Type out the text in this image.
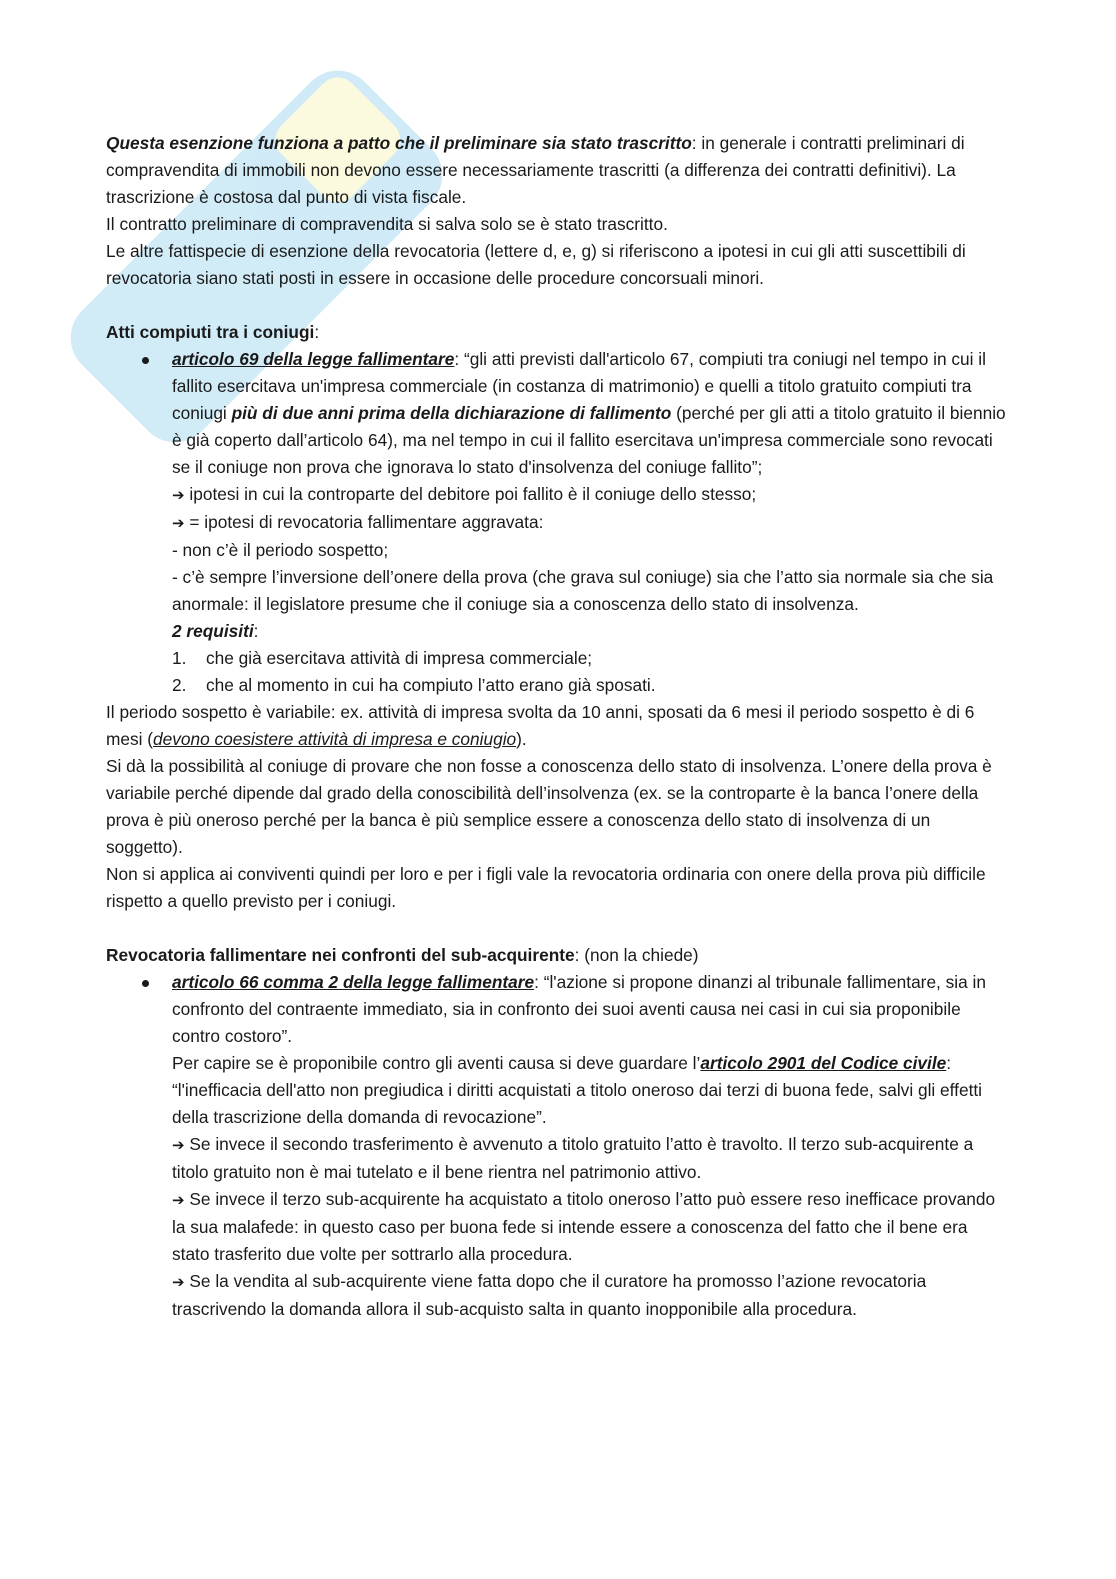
Questa esenzione funziona a patto che il preliminare sia stato trascritto: in generale i contratti preliminari di compravendita di immobili non devono essere necessariamente trascritti (a differenza dei contratti definitivi). La trascrizione è costosa dal punto di vista fiscale.

Il contratto preliminare di compravendita si salva solo se è stato trascritto.

Le altre fattispecie di esenzione della revocatoria (lettere d, e, g) si riferiscono a ipotesi in cui gli atti suscettibili di revocatoria siano stati posti in essere in occasione delle procedure concorsuali minori.

Atti compiuti tra i coniugi:

articolo 69 della legge fallimentare: “gli atti previsti dall'articolo 67, compiuti tra coniugi nel tempo in cui il fallito esercitava un'impresa commerciale (in costanza di matrimonio) e quelli a titolo gratuito compiuti tra coniugi più di due anni prima della dichiarazione di fallimento (perché per gli atti a titolo gratuito il biennio è già coperto dall’articolo 64), ma nel tempo in cui il fallito esercitava un'impresa commerciale sono revocati se il coniuge non prova che ignorava lo stato d'insolvenza del coniuge fallito”;

➔ ipotesi in cui la controparte del debitore poi fallito è il coniuge dello stesso;

➔ = ipotesi di revocatoria fallimentare aggravata:

- non c’è il periodo sospetto;

- c’è sempre l’inversione dell’onere della prova (che grava sul coniuge) sia che l’atto sia normale sia che sia anormale: il legislatore presume che il coniuge sia a conoscenza dello stato di insolvenza.

2 requisiti:

1. che già esercitava attività di impresa commerciale;
2. che al momento in cui ha compiuto l’atto erano già sposati.

Il periodo sospetto è variabile: ex. attività di impresa svolta da 10 anni, sposati da 6 mesi il periodo sospetto è di 6 mesi (devono coesistere attività di impresa e coniugio).

Si dà la possibilità al coniuge di provare che non fosse a conoscenza dello stato di insolvenza. L’onere della prova è variabile perché dipende dal grado della conoscibilità dell’insolvenza (ex. se la controparte è la banca l’onere della prova è più oneroso perché per la banca è più semplice essere a conoscenza dello stato di insolvenza di un soggetto).

Non si applica ai conviventi quindi per loro e per i figli vale la revocatoria ordinaria con onere della prova più difficile rispetto a quello previsto per i coniugi.

Revocatoria fallimentare nei confronti del sub-acquirente: (non la chiede)

articolo 66 comma 2 della legge fallimentare: “l'azione si propone dinanzi al tribunale fallimentare, sia in confronto del contraente immediato, sia in confronto dei suoi aventi causa nei casi in cui sia proponibile contro costoro”.

Per capire se è proponibile contro gli aventi causa si deve guardare l’articolo 2901 del Codice civile: “l'inefficacia dell'atto non pregiudica i diritti acquistati a titolo oneroso dai terzi di buona fede, salvi gli effetti della trascrizione della domanda di revocazione”.

➔ Se invece il secondo trasferimento è avvenuto a titolo gratuito l’atto è travolto. Il terzo sub-acquirente a titolo gratuito non è mai tutelato e il bene rientra nel patrimonio attivo.

➔ Se invece il terzo sub-acquirente ha acquistato a titolo oneroso l’atto può essere reso inefficace provando la sua malafede: in questo caso per buona fede si intende essere a conoscenza del fatto che il bene era stato trasferito due volte per sottrarlo alla procedura.

➔ Se la vendita al sub-acquirente viene fatta dopo che il curatore ha promosso l’azione revocatoria trascrivendo la domanda allora il sub-acquisto salta in quanto inopponibile alla procedura.
